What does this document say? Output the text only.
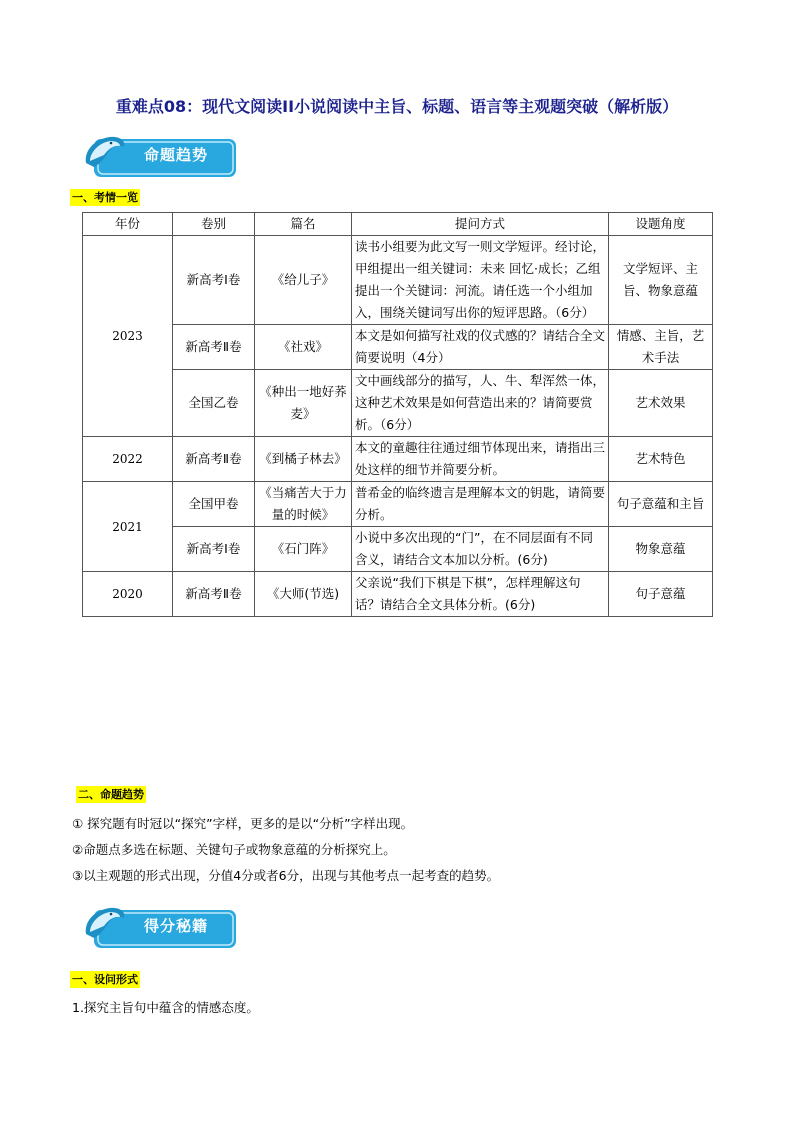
重难点08：现代文阅读II小说阅读中主旨、标题、语言等主观题突破（解析版）
命题趋势
一、考情一览
年份	卷别	篇名	提问方式	设题角度
2023	新高考Ⅰ卷	《给儿子》	读书小组要为此文写一则文学短评。经讨论，甲组提出一组关键词：未来 回忆·成长；乙组提出一个关键词：河流。请任选一个小组加入，围绕关键词写出你的短评思路。（6分）	文学短评、主旨、物象意蕴
	新高考Ⅱ卷	《社戏》	本文是如何描写社戏的仪式感的？请结合全文简要说明（4分）	情感、主旨，艺术手法
	全国乙卷	《种出一地好荞麦》	文中画线部分的描写，人、牛、犁浑然一体，这种艺术效果是如何营造出来的？请简要赏析。（6分）	艺术效果
2022	新高考Ⅱ卷	《到橘子林去》	本文的童趣往往通过细节体现出来，请指出三处这样的细节并简要分析。	艺术特色
2021	全国甲卷	《当痛苦大于力量的时候》	普希金的临终遗言是理解本文的钥匙，请简要分析。	句子意蕴和主旨
	新高考Ⅰ卷	《石门阵》	小说中多次出现的“门”，在不同层面有不同含义，请结合文本加以分析。(6分)	物象意蕴
2020	新高考Ⅱ卷	《大师(节选)	父亲说“我们下棋是下棋”，怎样理解这句话？请结合全文具体分析。(6分)	句子意蕴
二、命题趋势
① 探究题有时冠以“探究”字样，更多的是以“分析”字样出现。
②命题点多选在标题、关键句子或物象意蕴的分析探究上。
③以主观题的形式出现，分值4分或者6分，出现与其他考点一起考查的趋势。
得分秘籍
一、设问形式
1.探究主旨句中蕴含的情感态度。
